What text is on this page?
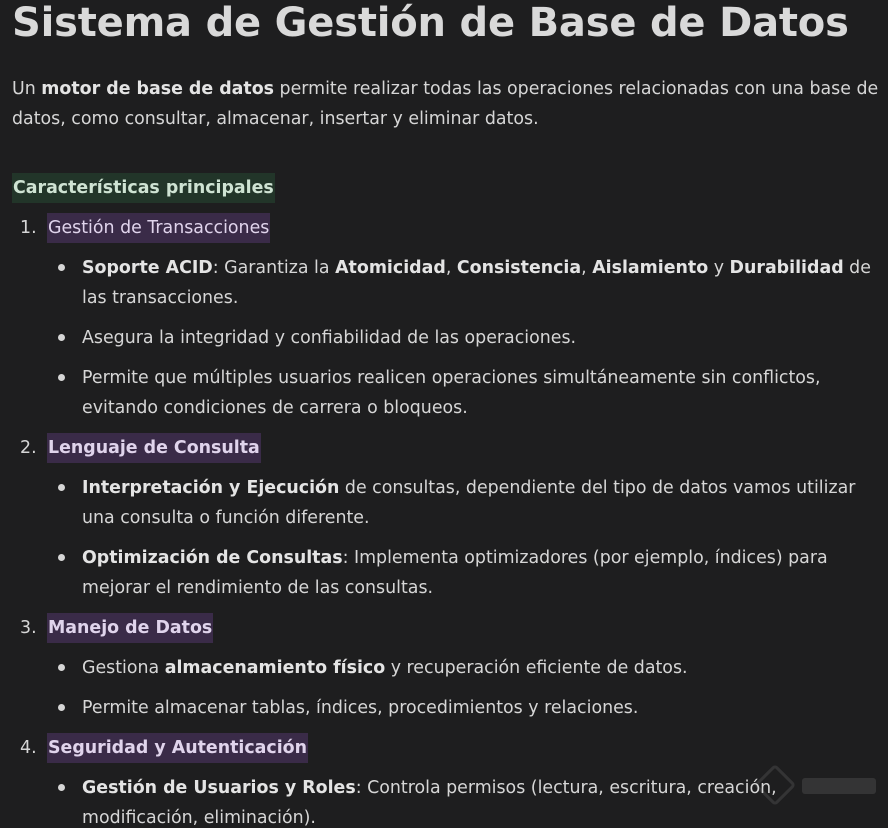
Sistema de Gestión de Base de Datos

Un motor de base de datos permite realizar todas las operaciones relacionadas con una base de datos, como consultar, almacenar, insertar y eliminar datos.

Características principales
1. Gestión de Transacciones

Soporte ACID: Garantiza la Atomicidad, Consistencia, Aislamiento y Durabilidad de las transacciones.

Asegura la integridad y confiabilidad de las operaciones.

Permite que múltiples usuarios realicen operaciones simultáneamente sin conflictos, evitando condiciones de carrera o bloqueos.

2. Lenguaje de Consulta

Interpretación y Ejecución de consultas, dependiente del tipo de datos vamos utilizar una consulta o función diferente.

Optimización de Consultas: Implementa optimizadores (por ejemplo, índices) para mejorar el rendimiento de las consultas.

3. Manejo de Datos

Gestiona almacenamiento físico y recuperación eficiente de datos.

Permite almacenar tablas, índices, procedimientos y relaciones.

4. Seguridad y Autenticación

Gestión de Usuarios y Roles: Controla permisos (lectura, escritura, creación, modificación, eliminación).
